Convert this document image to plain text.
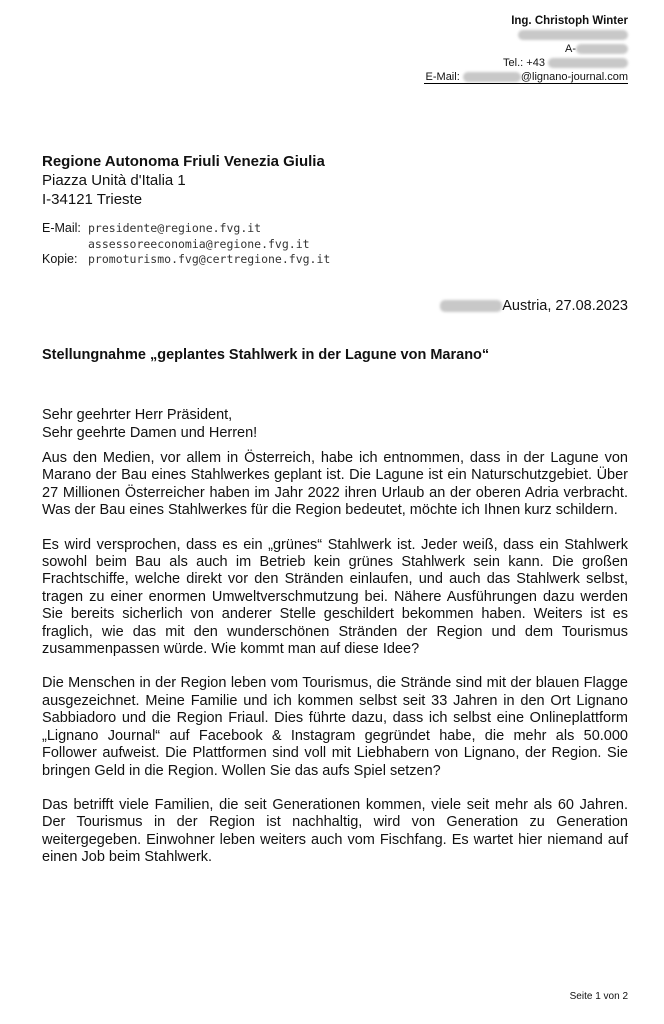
Ing. Christoph Winter
A-
Tel.: +43
E-Mail:	@lignano-journal.com
Regione Autonoma Friuli Venezia Giulia
Piazza Unità d'Italia 1
I-34121 Trieste
E-Mail: presidente@regione.fvg.it
assessoreeconomia@regione.fvg.it
Kopie: promoturismo.fvg@certregione.fvg.it
Austria, 27.08.2023
Stellungnahme „geplantes Stahlwerk in der Lagune von Marano“
Sehr geehrter Herr Präsident,
Sehr geehrte Damen und Herren!

Aus den Medien, vor allem in Österreich, habe ich entnommen, dass in der Lagune von Marano der Bau eines Stahlwerkes geplant ist. Die Lagune ist ein Naturschutzgebiet. Über 27 Millionen Österreicher haben im Jahr 2022 ihren Urlaub an der oberen Adria verbracht. Was der Bau eines Stahlwerkes für die Region bedeutet, möchte ich Ihnen kurz schildern.

Es wird versprochen, dass es ein „grünes“ Stahlwerk ist. Jeder weiß, dass ein Stahlwerk sowohl beim Bau als auch im Betrieb kein grünes Stahlwerk sein kann. Die großen Frachtschiffe, welche direkt vor den Stränden einlaufen, und auch das Stahlwerk selbst, tragen zu einer enormen Umweltverschmutzung bei. Nähere Ausführungen dazu werden Sie bereits sicherlich von anderer Stelle geschildert bekommen haben. Weiters ist es fraglich, wie das mit den wunderschönen Stränden der Region und dem Tourismus zusammenpassen würde. Wie kommt man auf diese Idee?

Die Menschen in der Region leben vom Tourismus, die Strände sind mit der blauen Flagge ausgezeichnet. Meine Familie und ich kommen selbst seit 33 Jahren in den Ort Lignano Sabbiadoro und die Region Friaul. Dies führte dazu, dass ich selbst eine Onlineplattform „Lignano Journal“ auf Facebook & Instagram gegründet habe, die mehr als 50.000 Follower aufweist. Die Plattformen sind voll mit Liebhabern von Lignano, der Region. Sie bringen Geld in die Region. Wollen Sie das aufs Spiel setzen?

Das betrifft viele Familien, die seit Generationen kommen, viele seit mehr als 60 Jahren. Der Tourismus in der Region ist nachhaltig, wird von Generation zu Generation weitergegeben. Einwohner leben weiters auch vom Fischfang. Es wartet hier niemand auf einen Job beim Stahlwerk.

Seite 1 von 2
